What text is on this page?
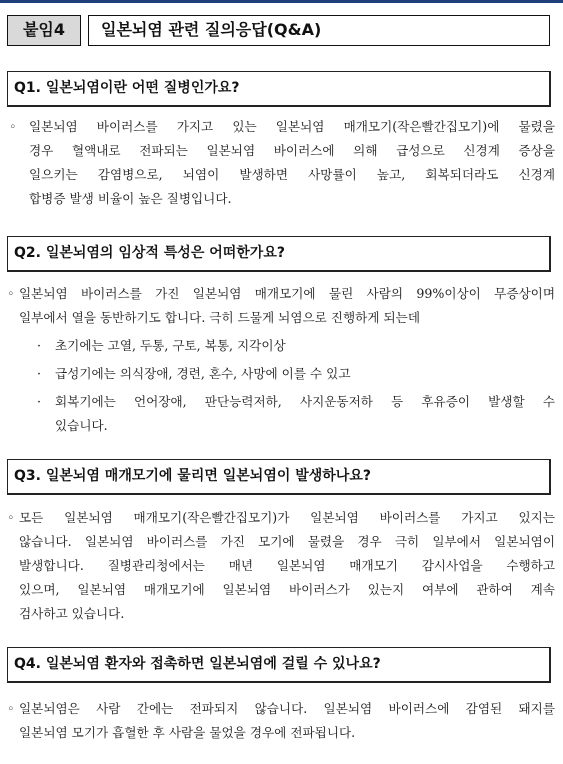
붙임4	일본뇌염 관련 질의응답(Q&A)
Q1. 일본뇌염이란 어떤 질병인가요?
◦ 일본뇌염 바이러스를 가지고 있는 일본뇌염 매개모기(작은빨간집모기)에 물렸을
경우 혈액내로 전파되는 일본뇌염 바이러스에 의해 급성으로 신경계 증상을
일으키는 감염병으로, 뇌염이 발생하면 사망률이 높고, 회복되더라도 신경계
합병증 발생 비율이 높은 질병입니다.
Q2. 일본뇌염의 임상적 특성은 어떠한가요?
◦ 일본뇌염 바이러스를 가진 일본뇌염 매개모기에 물린 사람의 99%이상이 무증상이며
일부에서 열을 동반하기도 합니다. 극히 드물게 뇌염으로 진행하게 되는데
· 초기에는 고열, 두통, 구토, 복통, 지각이상
· 급성기에는 의식장애, 경련, 혼수, 사망에 이를 수 있고
· 회복기에는 언어장애, 판단능력저하, 사지운동저하 등 후유증이 발생할 수
있습니다.
Q3. 일본뇌염 매개모기에 물리면 일본뇌염이 발생하나요?
◦ 모든 일본뇌염 매개모기(작은빨간집모기)가 일본뇌염 바이러스를 가지고 있지는
않습니다. 일본뇌염 바이러스를 가진 모기에 물렸을 경우 극히 일부에서 일본뇌염이
발생합니다. 질병관리청에서는 매년 일본뇌염 매개모기 감시사업을 수행하고
있으며, 일본뇌염 매개모기에 일본뇌염 바이러스가 있는지 여부에 관하여 계속
검사하고 있습니다.
Q4. 일본뇌염 환자와 접촉하면 일본뇌염에 걸릴 수 있나요?
◦ 일본뇌염은 사람 간에는 전파되지 않습니다. 일본뇌염 바이러스에 감염된 돼지를
일본뇌염 모기가 흡혈한 후 사람을 물었을 경우에 전파됩니다.
